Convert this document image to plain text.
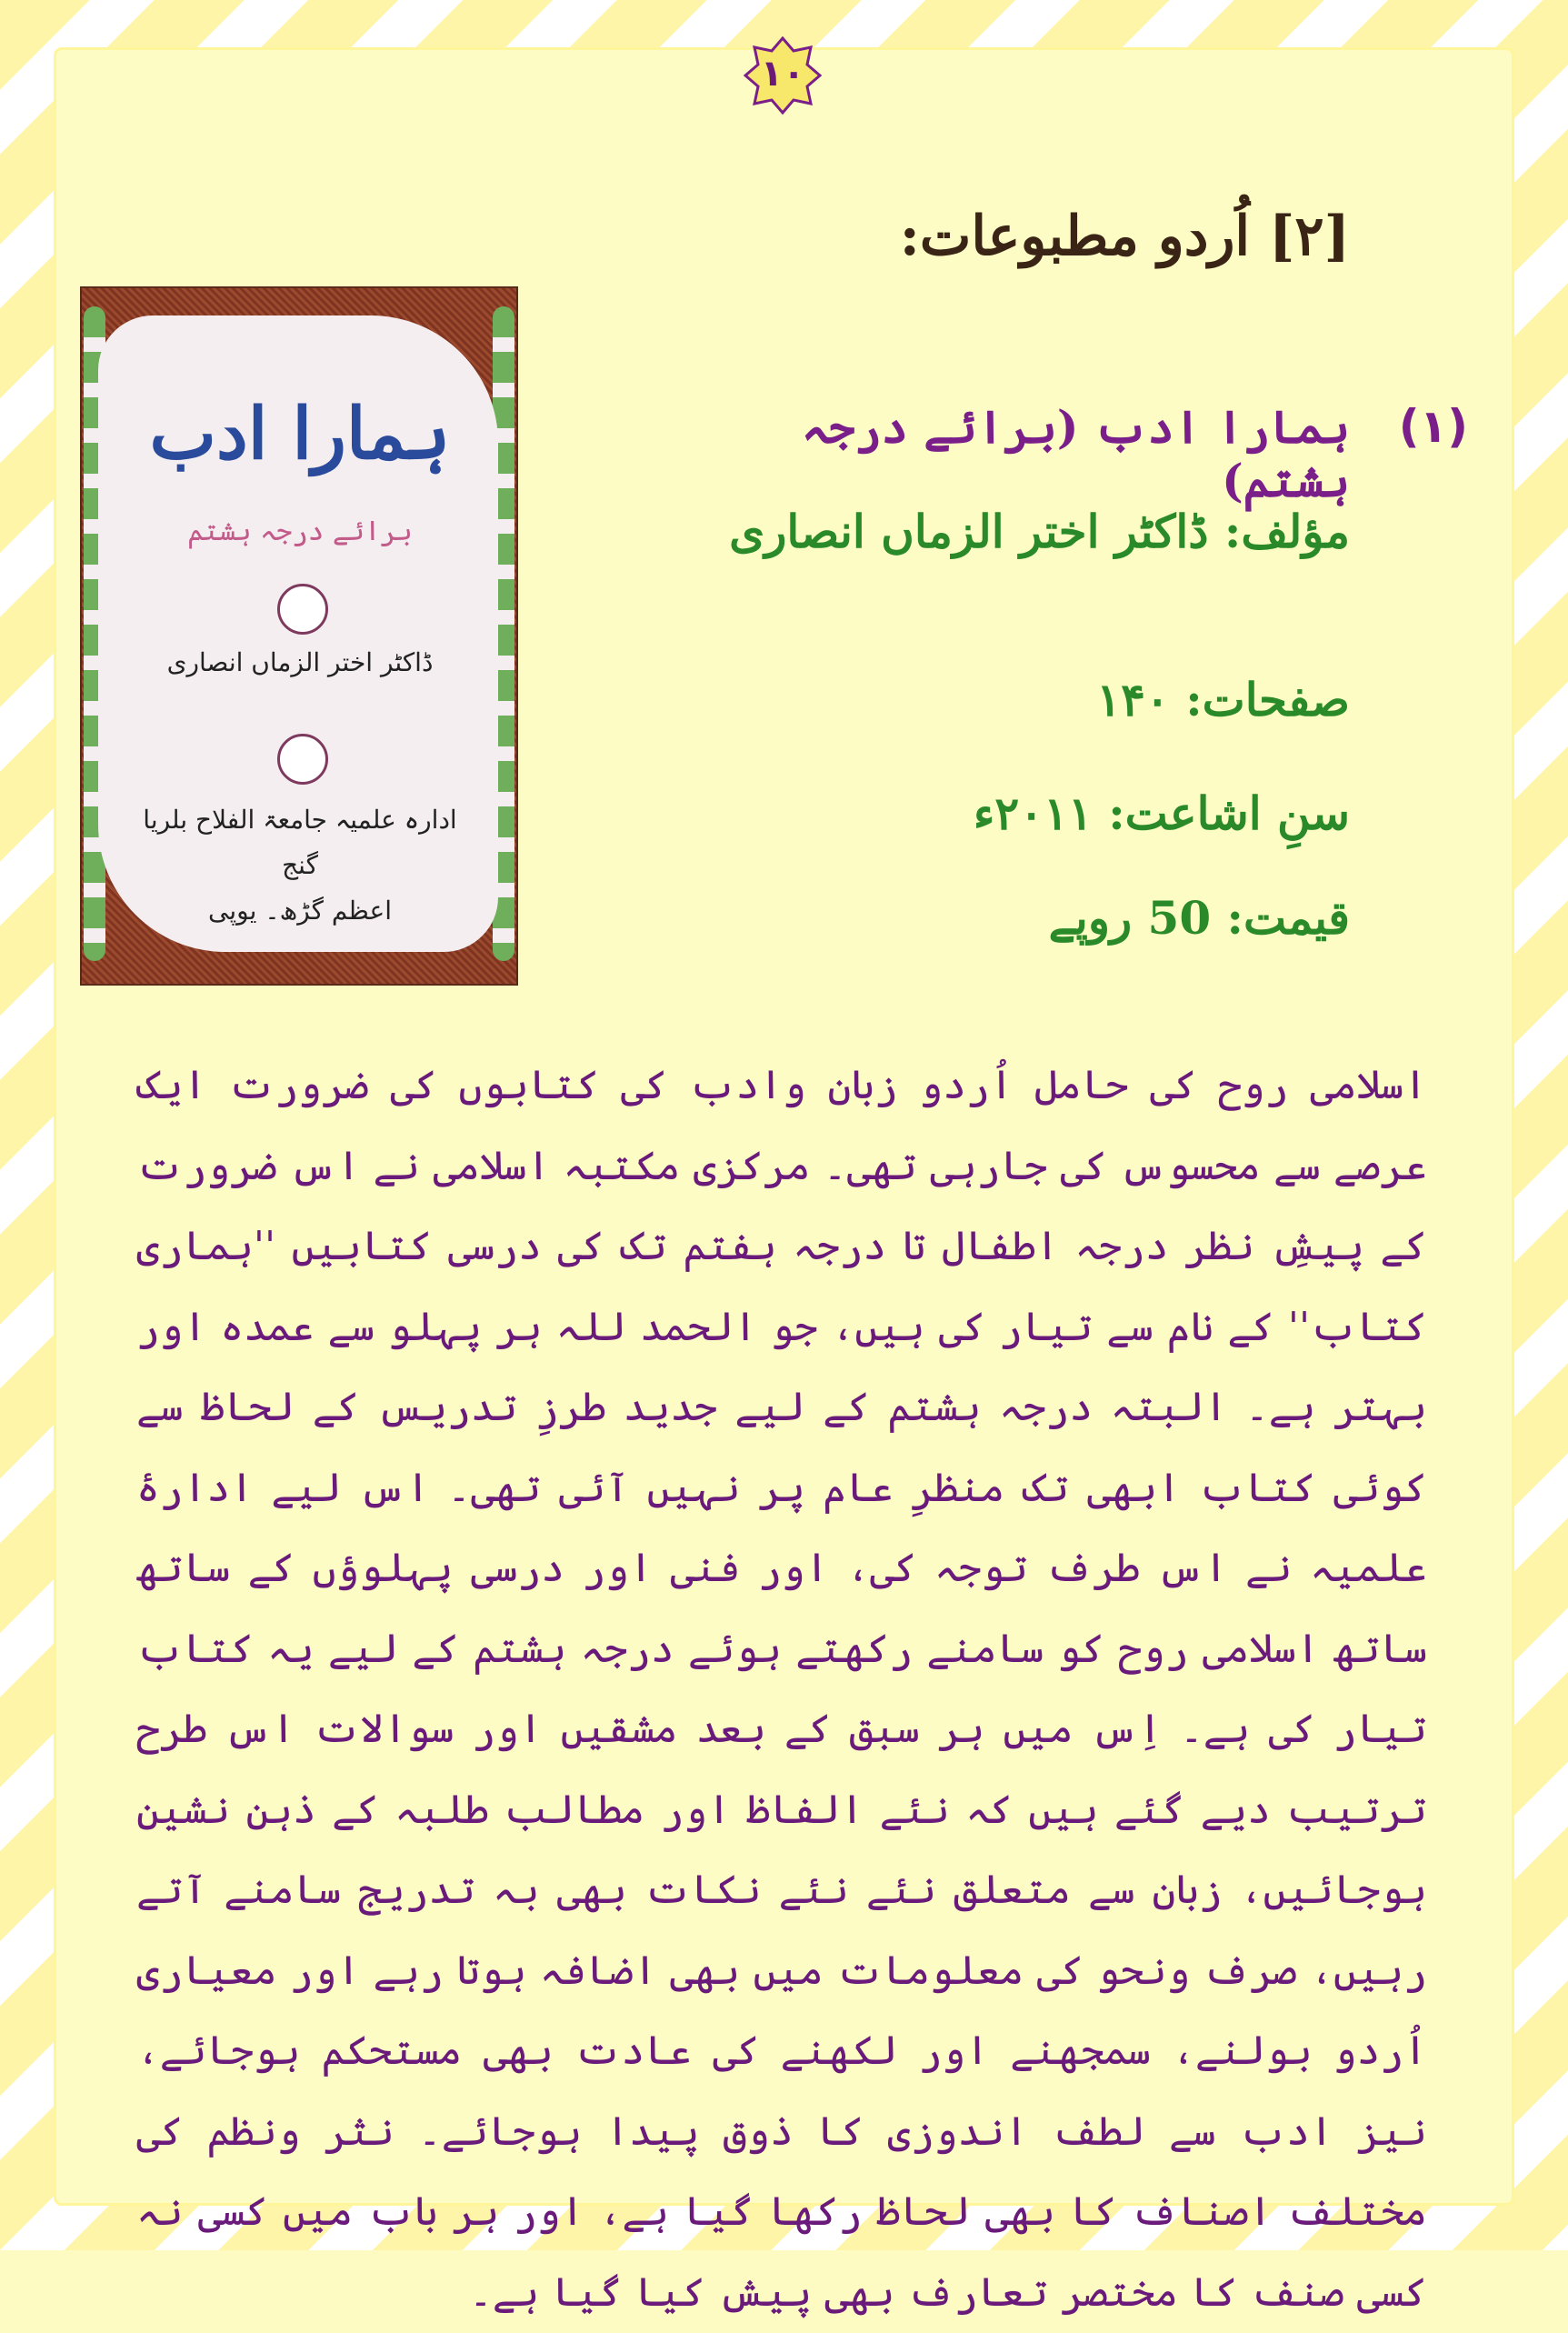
۱۰
[۲] اُردو مطبوعات:
ہمارا ادب
برائے درجہ ہشتم
ڈاکٹر اختر الزماں انصاری
ادارہ علمیہ جامعۃ الفلاح بلریا گنج
اعظم گڑھ۔ یوپی
(۱)
ہمارا ادب (برائے درجہ ہشتم)
مؤلف: ڈاکٹر اختر الزماں انصاری
صفحات: ۱۴۰
سنِ اشاعت: ۲۰۱۱ء
قیمت: 50 روپے
اسلامی روح کی حامل اُردو زبان وادب کی کتابوں کی ضرورت ایک عرصے سے محسوس کی جارہی تھی۔ مرکزی مکتبہ اسلامی نے اس ضرورت کے پیشِ نظر درجہ اطفال تا درجہ ہفتم تک کی درسی کتابیں ''ہماری کتاب'' کے نام سے تیار کی ہیں، جو الحمد للہ ہر پہلو سے عمدہ اور بہتر ہے۔ البتہ درجہ ہشتم کے لیے جدید طرزِ تدریس کے لحاظ سے کوئی کتاب ابھی تک منظرِ عام پر نہیں آئی تھی۔ اس لیے ادارۂ علمیہ نے اس طرف توجہ کی، اور فنی اور درسی پہلوؤں کے ساتھ ساتھ اسلامی روح کو سامنے رکھتے ہوئے درجہ ہشتم کے لیے یہ کتاب تیار کی ہے۔ اِس میں ہر سبق کے بعد مشقیں اور سوالات اس طرح ترتیب دیے گئے ہیں کہ نئے الفاظ اور مطالب طلبہ کے ذہن نشین ہوجائیں، زبان سے متعلق نئے نئے نکات بھی بہ تدریج سامنے آتے رہیں، صرف ونحو کی معلومات میں بھی اضافہ ہوتا رہے اور معیاری اُردو بولنے، سمجھنے اور لکھنے کی عادت بھی مستحکم ہوجائے، نیز ادب سے لطف اندوزی کا ذوق پیدا ہوجائے۔ نثر ونظم کی مختلف اصناف کا بھی لحاظ رکھا گیا ہے، اور ہر باب میں کسی نہ کسی صنف کا مختصر تعارف بھی پیش کیا گیا ہے۔
